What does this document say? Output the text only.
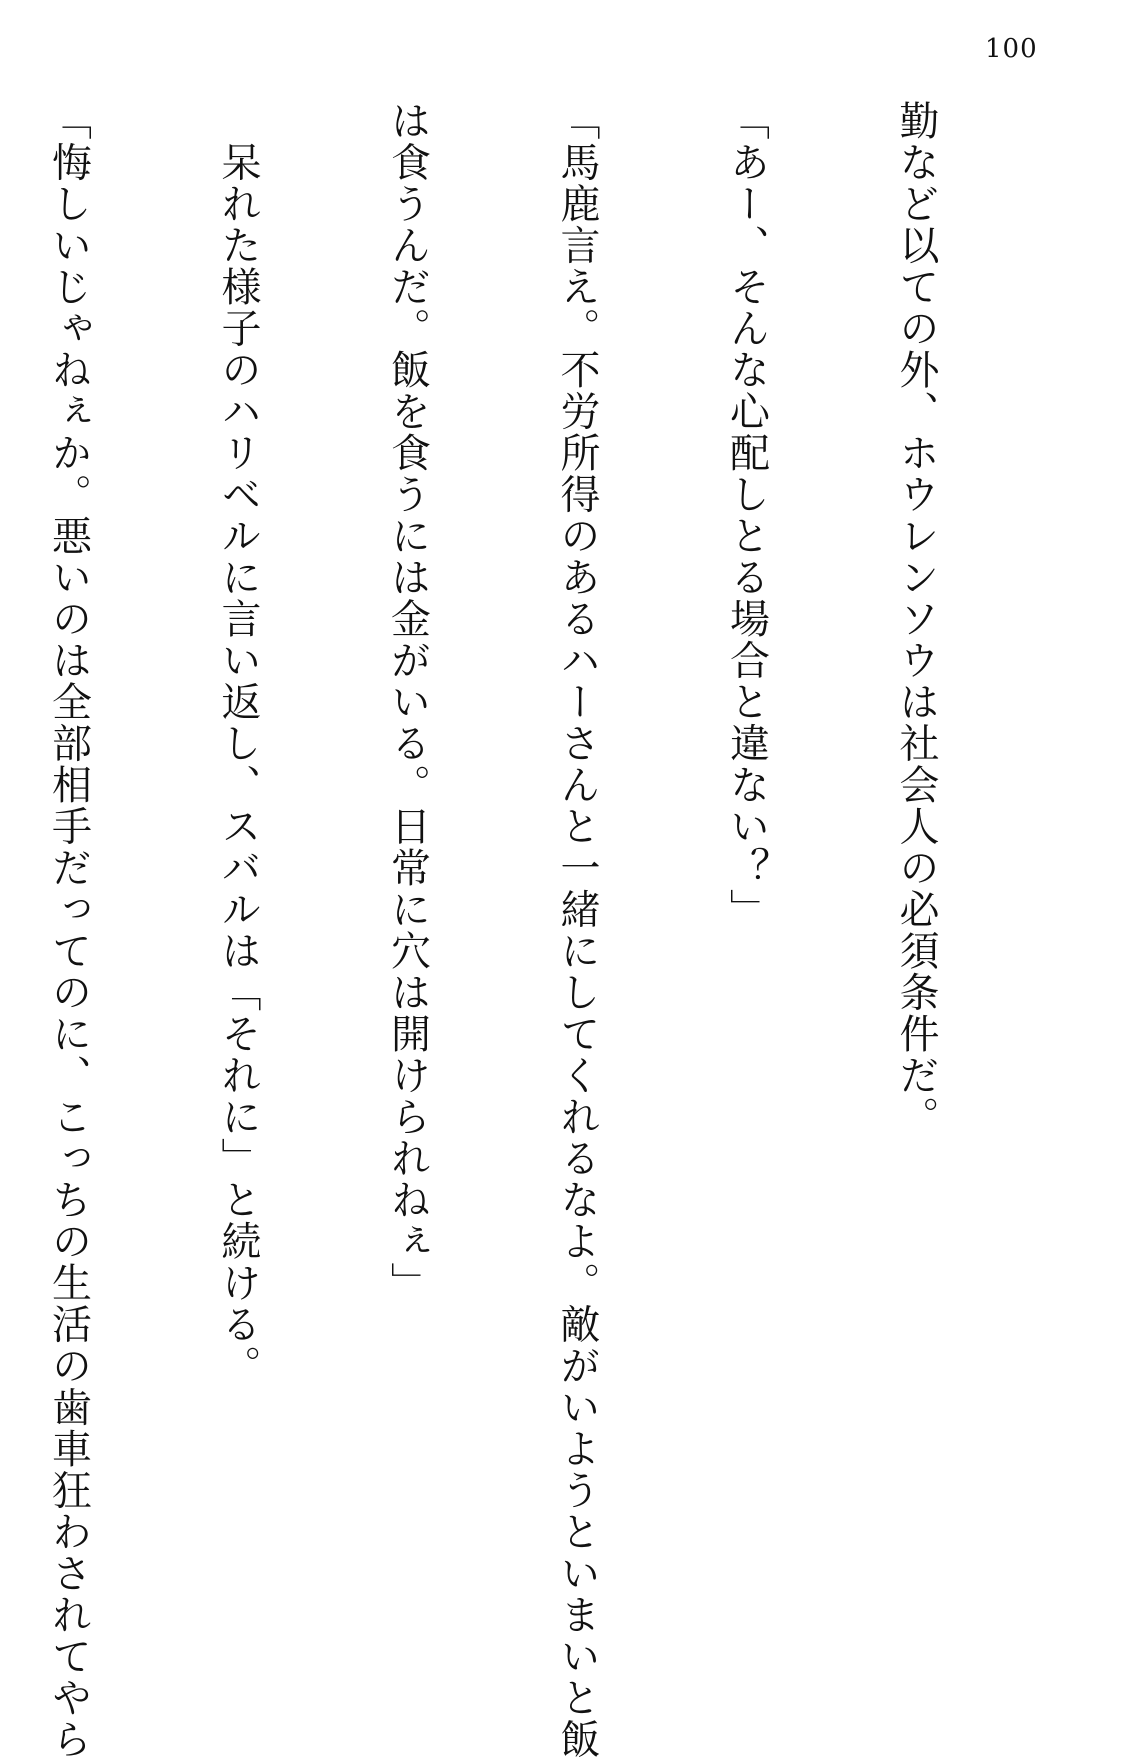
100

勤など以ての外、ホウレンソウは社会人の必須条件だ。

「あー、そんな心配しとる場合と違ない？」

「馬鹿言え。不労所得のあるハーさんと一緒にしてくれるなよ。敵がいようといまいと飯

は食うんだ。飯を食うには金がいる。日常に穴は開けられねぇ」

　呆れた様子のハリベルに言い返し、スバルは「それに」と続ける。

「悔しいじゃねぇか。悪いのは全部相手だってのに、こっちの生活の歯車狂わされてやら
